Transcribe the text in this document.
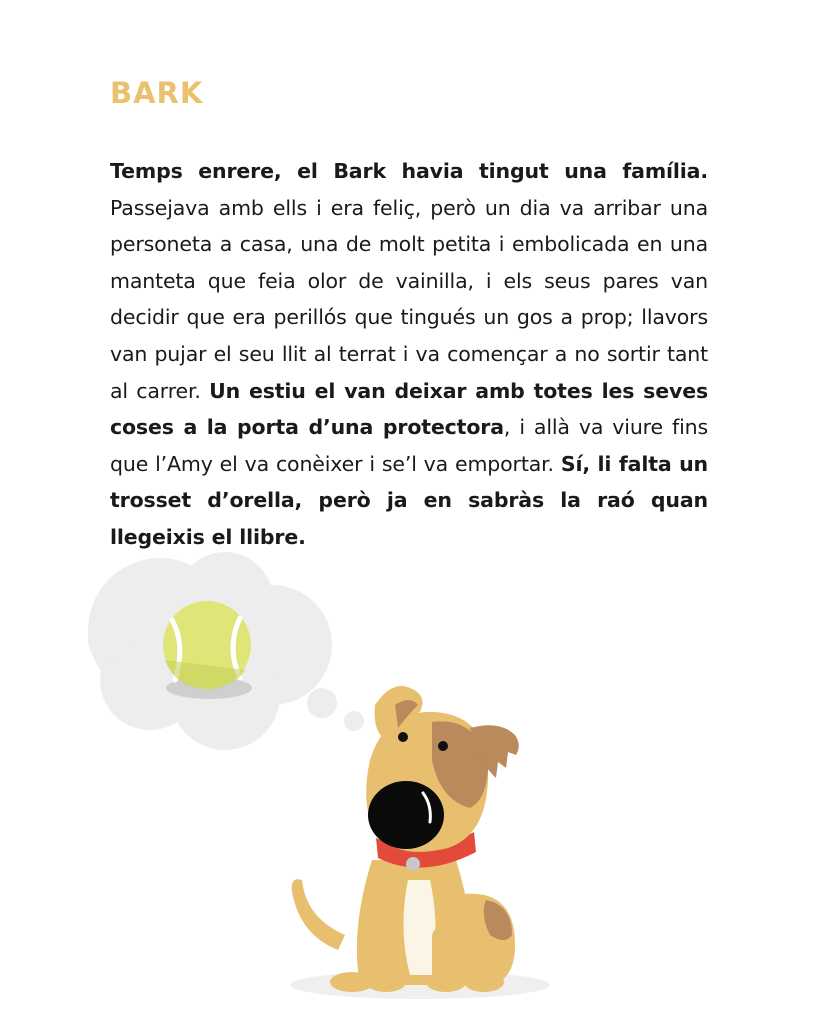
BARK

Temps enrere, el Bark havia tingut una família. Passejava amb ells i era feliç, però un dia va arribar una personeta a casa, una de molt petita i embolicada en una manteta que feia olor de vainilla, i els seus pares van decidir que era perillós que tingués un gos a prop; llavors van pujar el seu llit al terrat i va començar a no sortir tant al carrer. Un estiu el van deixar amb totes les seves coses a la porta d’una protectora, i allà va viure fins que l’Amy el va conèixer i se’l va emportar. Sí, li falta un trosset d’orella, però ja en sabràs la raó quan llegeixis el llibre.
